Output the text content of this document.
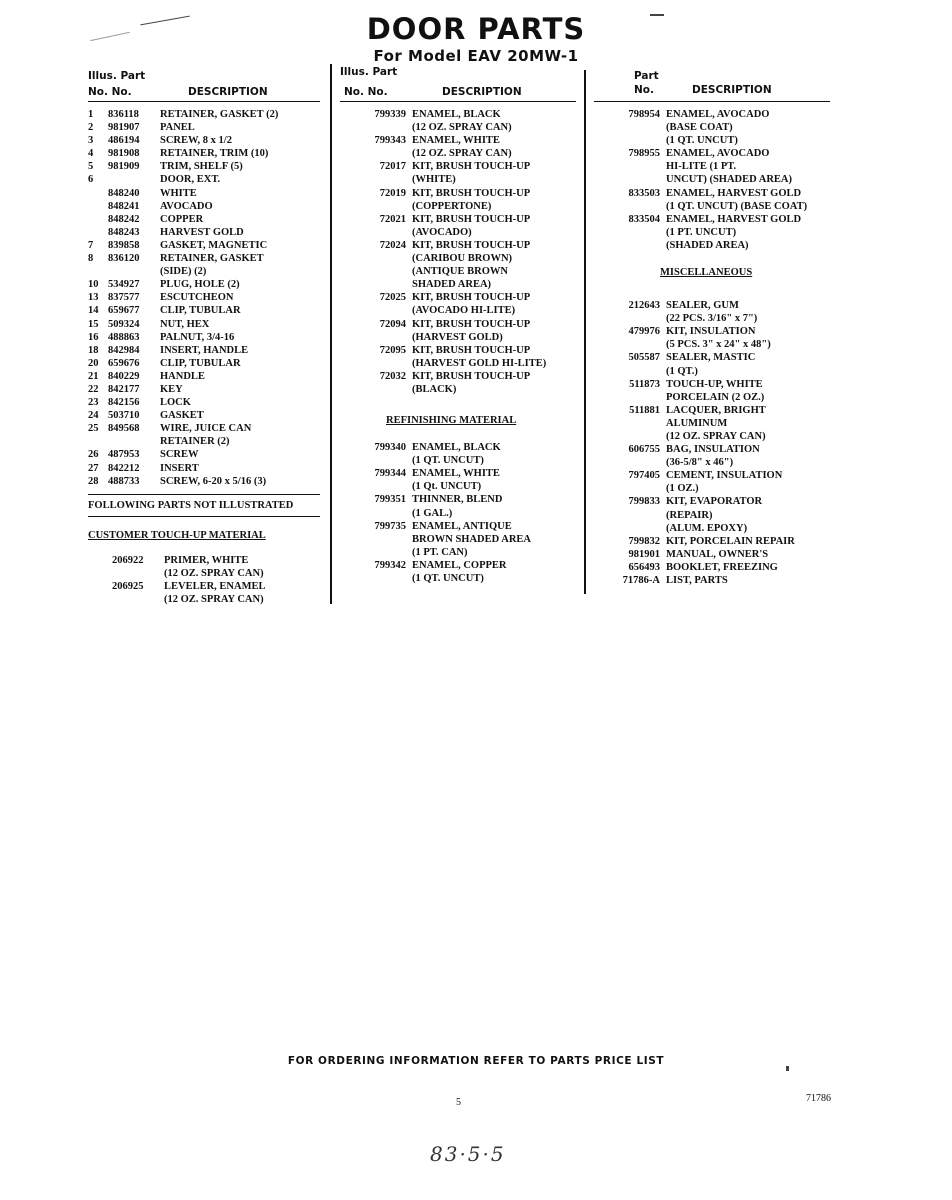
DOOR PARTS
For Model EAV 20MW-1
Illus. Part
No. No.	DESCRIPTION
1	836118	RETAINER, GASKET (2)
2	981907	PANEL
3	486194	SCREW, 8 x 1/2
4	981908	RETAINER, TRIM (10)
5	981909	TRIM, SHELF (5)
6	DOOR, EXT.
848240	WHITE
848241	AVOCADO
848242	COPPER
848243	HARVEST GOLD
7	839858	GASKET, MAGNETIC
8	836120	RETAINER, GASKET
(SIDE) (2)
10 534927	PLUG, HOLE (2)
13 837577	ESCUTCHEON
14 659677	CLIP, TUBULAR
15 509324	NUT, HEX
16 488863	PALNUT, 3/4-16
18 842984	INSERT, HANDLE
20 659676	CLIP, TUBULAR
21 840229	HANDLE
22 842177	KEY
23 842156	LOCK
24 503710	GASKET
25 849568	WIRE, JUICE CAN
RETAINER (2)
26 487953	SCREW
27 842212	INSERT
28 488733	SCREW, 6-20 x 5/16 (3)
FOLLOWING PARTS NOT ILLUSTRATED
CUSTOMER TOUCH-UP MATERIAL
206922	PRIMER, WHITE
(12 OZ. SPRAY CAN)
206925	LEVELER, ENAMEL
(12 OZ. SPRAY CAN)
Illus. Part
No. No.	DESCRIPTION
799339 ENAMEL, BLACK
(12 OZ. SPRAY CAN)
799343 ENAMEL, WHITE
(12 OZ. SPRAY CAN)
72017 KIT, BRUSH TOUCH-UP
(WHITE)
72019 KIT, BRUSH TOUCH-UP
(COPPERTONE)
72021 KIT, BRUSH TOUCH-UP
(AVOCADO)
72024 KIT, BRUSH TOUCH-UP
(CARIBOU BROWN)
(ANTIQUE BROWN
SHADED AREA)
72025 KIT, BRUSH TOUCH-UP
(AVOCADO HI-LITE)
72094 KIT, BRUSH TOUCH-UP
(HARVEST GOLD)
72095 KIT, BRUSH TOUCH-UP
(HARVEST GOLD HI-LITE)
72032 KIT, BRUSH TOUCH-UP
(BLACK)
REFINISHING MATERIAL
799340 ENAMEL, BLACK
(1 QT. UNCUT)
799344 ENAMEL, WHITE
(1 Qt. UNCUT)
799351 THINNER, BLEND
(1 GAL.)
799735 ENAMEL, ANTIQUE
BROWN SHADED AREA
(1 PT. CAN)
799342 ENAMEL, COPPER
(1 QT. UNCUT)
Part
No.	DESCRIPTION
798954 ENAMEL, AVOCADO
(BASE COAT)
(1 QT. UNCUT)
798955 ENAMEL, AVOCADO
HI-LITE (1 PT.
UNCUT) (SHADED AREA)
833503 ENAMEL, HARVEST GOLD
(1 QT. UNCUT) (BASE COAT)
833504 ENAMEL, HARVEST GOLD
(1 PT. UNCUT)
(SHADED AREA)
MISCELLANEOUS
212643 SEALER, GUM
(22 PCS. 3/16" x 7")
479976 KIT, INSULATION
(5 PCS. 3" x 24" x 48")
505587 SEALER, MASTIC
(1 QT.)
511873 TOUCH-UP, WHITE
PORCELAIN (2 OZ.)
511881 LACQUER, BRIGHT
ALUMINUM
(12 OZ. SPRAY CAN)
606755 BAG, INSULATION
(36-5/8" x 46")
797405 CEMENT, INSULATION
(1 OZ.)
799833 KIT, EVAPORATOR
(REPAIR)
(ALUM. EPOXY)
799832 KIT, PORCELAIN REPAIR
981901 MANUAL, OWNER'S
656493 BOOKLET, FREEZING
71786-A LIST, PARTS
FOR ORDERING INFORMATION REFER TO PARTS PRICE LIST
5	71786
83·5·5
